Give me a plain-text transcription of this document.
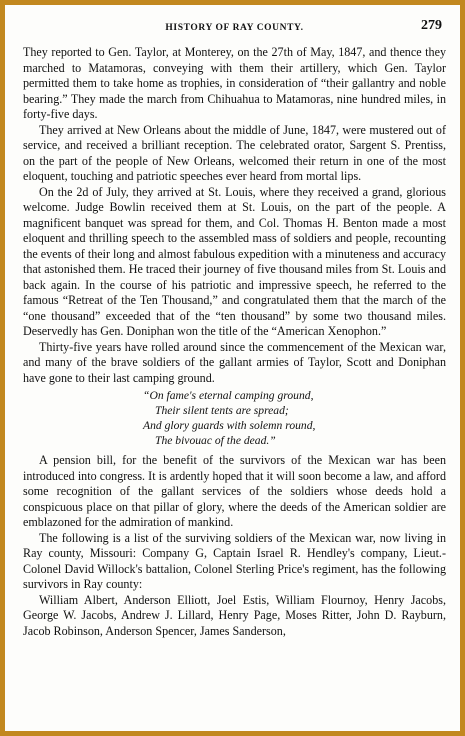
HISTORY OF RAY COUNTY.	279

They reported to Gen. Taylor, at Monterey, on the 27th of May, 1847, and thence they marched to Matamoras, conveying with them their artillery, which Gen. Taylor permitted them to take home as trophies, in consideration of “their gallantry and noble bearing.” They made the march from Chihuahua to Matamoras, nine hundred miles, in forty-five days.

They arrived at New Orleans about the middle of June, 1847, were mustered out of service, and received a brilliant reception. The celebrated orator, Sargent S. Prentiss, on the part of the people of New Orleans, welcomed their return in one of the most eloquent, touching and patriotic speeches ever heard from mortal lips.

On the 2d of July, they arrived at St. Louis, where they received a grand, glorious welcome. Judge Bowlin received them at St. Louis, on the part of the people. A magnificent banquet was spread for them, and Col. Thomas H. Benton made a most eloquent and thrilling speech to the assembled mass of soldiers and people, recounting the events of their long and almost fabulous expedition with a minuteness and accuracy that astonished them. He traced their journey of five thousand miles from St. Louis and back again. In the course of his patriotic and impressive speech, he referred to the famous “Retreat of the Ten Thousand,” and congratulated them that the march of the “one thousand” exceeded that of the “ten thousand” by some two thousand miles. Deservedly has Gen. Doniphan won the title of the “American Xenophon.”

Thirty-five years have rolled around since the commencement of the Mexican war, and many of the brave soldiers of the gallant armies of Taylor, Scott and Doniphan have gone to their last camping ground.

“On fame's eternal camping ground,
Their silent tents are spread;
And glory guards with solemn round,
The bivouac of the dead.”

A pension bill, for the benefit of the survivors of the Mexican war has been introduced into congress. It is ardently hoped that it will soon become a law, and afford some recognition of the gallant services of the soldiers whose deeds hold a conspicuous place on that pillar of glory, where the deeds of the American soldier are emblazoned for the admiration of mankind.

The following is a list of the surviving soldiers of the Mexican war, now living in Ray county, Missouri: Company G, Captain Israel R. Hendley's company, Lieut.-Colonel David Willock's battalion, Colonel Sterling Price's regiment, has the following survivors in Ray county:

William Albert, Anderson Elliott, Joel Estis, William Flournoy, Henry Jacobs, George W. Jacobs, Andrew J. Lillard, Henry Page, Moses Ritter, John D. Rayburn, Jacob Robinson, Anderson Spencer, James Sanderson,
